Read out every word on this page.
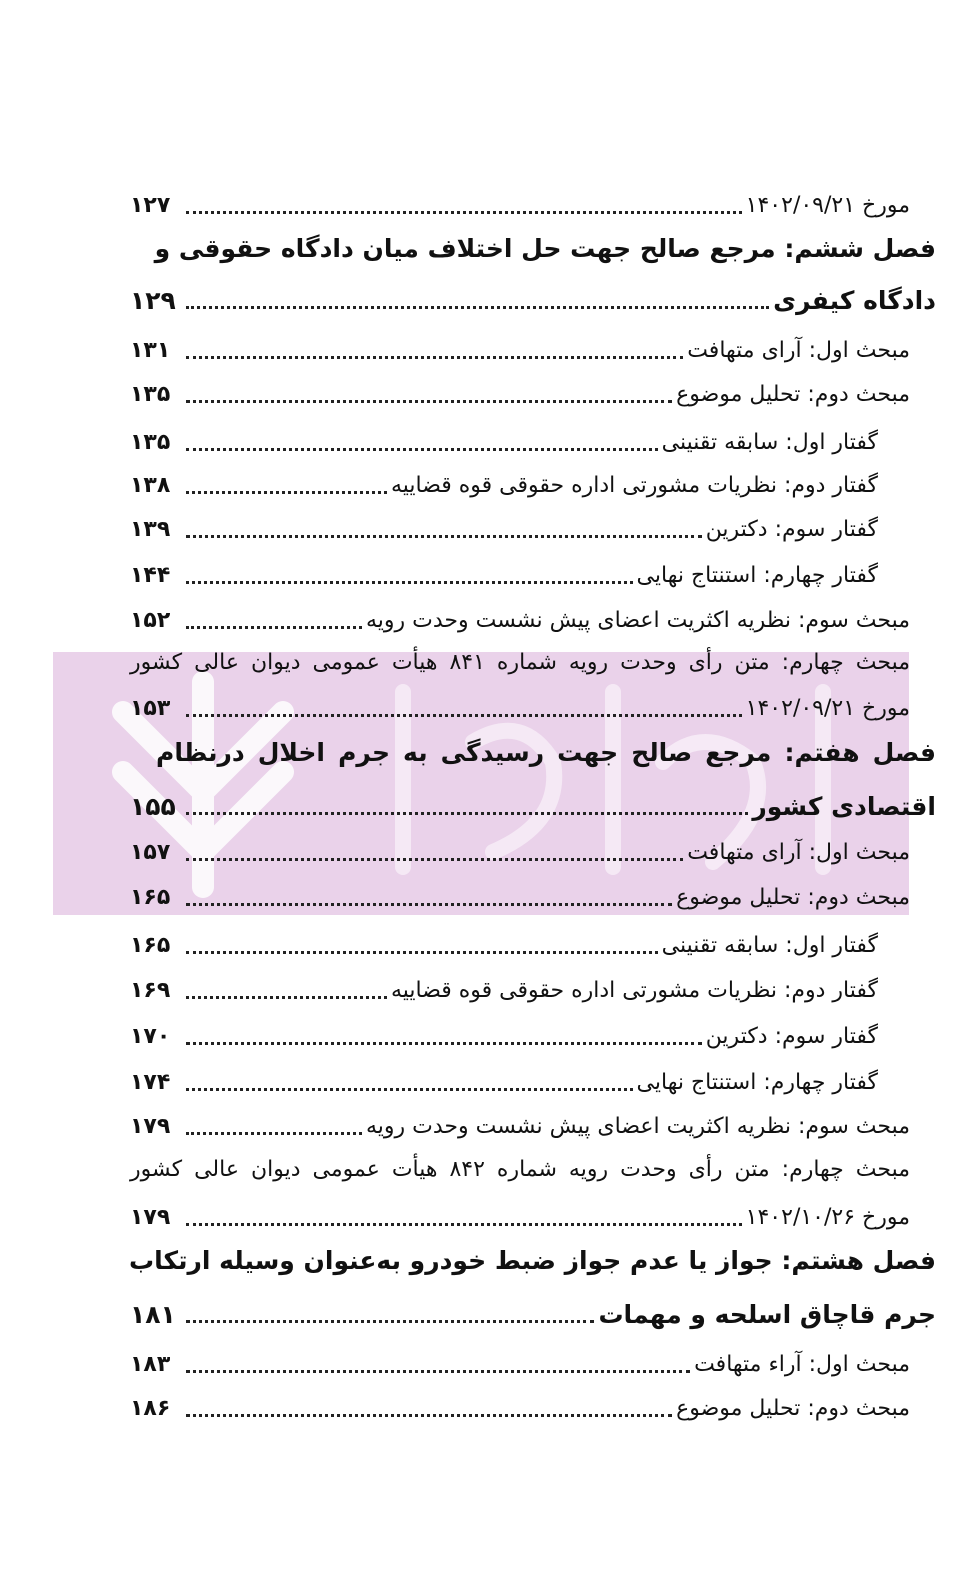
مورخ ۱۴۰۲/۰۹/۲۱
۱۲۷
فصل ششم: مرجع صالح جهت حل اختلاف میان دادگاه حقوقی و
دادگاه کیفری
۱۲۹
مبحث اول: آرای متهافت
۱۳۱
مبحث دوم: تحلیل موضوع
۱۳۵
گفتار اول: سابقه تقنینی
۱۳۵
گفتار دوم: نظریات مشورتی اداره حقوقی قوه قضاییه
۱۳۸
گفتار سوم: دکترین
۱۳۹
گفتار چهارم: استنتاج نهایی
۱۴۴
مبحث سوم: نظریه اکثریت اعضای پیش نشست وحدت رویه
۱۵۲
مبحث چهارم: متن رأی وحدت رویه شماره ۸۴۱ هیأت عمومی دیوان عالی کشور
مورخ ۱۴۰۲/۰۹/۲۱
۱۵۳
فصل هفتم: مرجع صالح جهت رسیدگی به جرم اخلال درنظام
اقتصادی کشور
۱۵۵
مبحث اول: آرای متهافت
۱۵۷
مبحث دوم: تحلیل موضوع
۱۶۵
گفتار اول: سابقه تقنینی
۱۶۵
گفتار دوم: نظریات مشورتی اداره حقوقی قوه قضاییه
۱۶۹
گفتار سوم: دکترین
۱۷۰
گفتار چهارم: استنتاج نهایی
۱۷۴
مبحث سوم: نظریه اکثریت اعضای پیش نشست وحدت رویه
۱۷۹
مبحث چهارم: متن رأی وحدت رویه شماره ۸۴۲ هیأت عمومی دیوان عالی کشور
مورخ ۱۴۰۲/۱۰/۲۶
۱۷۹
فصل هشتم: جواز یا عدم جواز ضبط خودرو به‌عنوان وسیله ارتکاب
جرم قاچاق اسلحه و مهمات
۱۸۱
مبحث اول: آراء متهافت
۱۸۳
مبحث دوم: تحلیل موضوع
۱۸۶
